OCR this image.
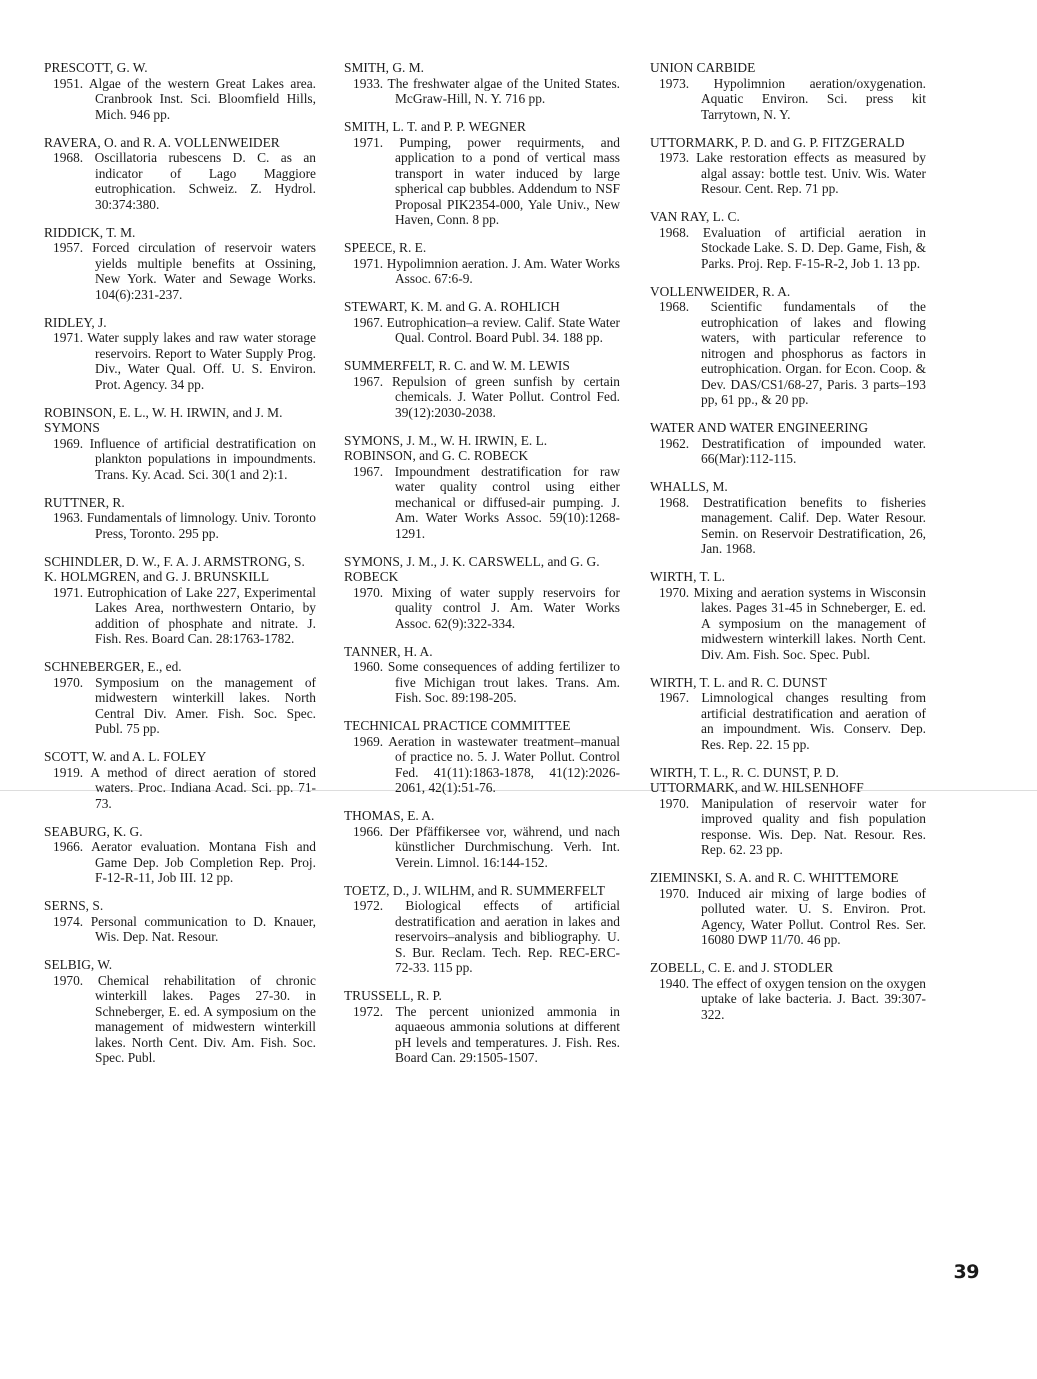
PRESCOTT, G. W.
1951. Algae of the western Great Lakes area. Cranbrook Inst. Sci. Bloomfield Hills, Mich. 946 pp.
RAVERA, O. and R. A. VOLLENWEIDER
1968. Oscillatoria rubescens D. C. as an indicator of Lago Maggiore eutrophication. Schweiz. Z. Hydrol. 30:374:380.
RIDDICK, T. M.
1957. Forced circulation of reservoir waters yields multiple benefits at Ossining, New York. Water and Sewage Works. 104(6):231-237.
RIDLEY, J.
1971. Water supply lakes and raw water storage reservoirs. Report to Water Supply Prog. Div., Water Qual. Off. U. S. Environ. Prot. Agency. 34 pp.
ROBINSON, E. L., W. H. IRWIN, and J. M. SYMONS
1969. Influence of artificial destratification on plankton populations in impoundments. Trans. Ky. Acad. Sci. 30(1 and 2):1.
RUTTNER, R.
1963. Fundamentals of limnology. Univ. Toronto Press, Toronto. 295 pp.
SCHINDLER, D. W., F. A. J. ARMSTRONG, S. K. HOLMGREN, and G. J. BRUNSKILL
1971. Eutrophication of Lake 227, Experimental Lakes Area, northwestern Ontario, by addition of phosphate and nitrate. J. Fish. Res. Board Can. 28:1763-1782.
SCHNEBERGER, E., ed.
1970. Symposium on the management of midwestern winterkill lakes. North Central Div. Amer. Fish. Soc. Spec. Publ. 75 pp.
SCOTT, W. and A. L. FOLEY
1919. A method of direct aeration of stored waters. Proc. Indiana Acad. Sci. pp. 71-73.
SEABURG, K. G.
1966. Aerator evaluation. Montana Fish and Game Dep. Job Completion Rep. Proj. F-12-R-11, Job III. 12 pp.
SERNS, S.
1974. Personal communication to D. Knauer, Wis. Dep. Nat. Resour.
SELBIG, W.
1970. Chemical rehabilitation of chronic winterkill lakes. Pages 27-30. in Schneberger, E. ed. A symposium on the management of midwestern winterkill lakes. North Cent. Div. Am. Fish. Soc. Spec. Publ.
SMITH, G. M.
1933. The freshwater algae of the United States. McGraw-Hill, N. Y. 716 pp.
SMITH, L. T. and P. P. WEGNER
1971. Pumping, power requirments, and application to a pond of vertical mass transport in water induced by large spherical cap bubbles. Addendum to NSF Proposal PIK2354-000, Yale Univ., New Haven, Conn. 8 pp.
SPEECE, R. E.
1971. Hypolimnion aeration. J. Am. Water Works Assoc. 67:6-9.
STEWART, K. M. and G. A. ROHLICH
1967. Eutrophication–a review. Calif. State Water Qual. Control. Board Publ. 34. 188 pp.
SUMMERFELT, R. C. and W. M. LEWIS
1967. Repulsion of green sunfish by certain chemicals. J. Water Pollut. Control Fed. 39(12):2030-2038.
SYMONS, J. M., W. H. IRWIN, E. L. ROBINSON, and G. C. ROBECK
1967. Impoundment destratification for raw water quality control using either mechanical or diffused-air pumping. J. Am. Water Works Assoc. 59(10):1268-1291.
SYMONS, J. M., J. K. CARSWELL, and G. G. ROBECK
1970. Mixing of water supply reservoirs for quality control J. Am. Water Works Assoc. 62(9):322-334.
TANNER, H. A.
1960. Some consequences of adding fertilizer to five Michigan trout lakes. Trans. Am. Fish. Soc. 89:198-205.
TECHNICAL PRACTICE COMMITTEE
1969. Aeration in wastewater treatment–manual of practice no. 5. J. Water Pollut. Control Fed. 41(11):1863-1878, 41(12):2026-2061, 42(1):51-76.
THOMAS, E. A.
1966. Der Pfäffikersee vor, während, und nach künstlicher Durchmischung. Verh. Int. Verein. Limnol. 16:144-152.
TOETZ, D., J. WILHM, and R. SUMMERFELT
1972. Biological effects of artificial destratification and aeration in lakes and reservoirs–analysis and bibliography. U. S. Bur. Reclam. Tech. Rep. REC-ERC-72-33. 115 pp.
TRUSSELL, R. P.
1972. The percent unionized ammonia in aquaeous ammonia solutions at different pH levels and temperatures. J. Fish. Res. Board Can. 29:1505-1507.
UNION CARBIDE
1973. Hypolimnion aeration/oxygenation. Aquatic Environ. Sci. press kit Tarrytown, N. Y.
UTTORMARK, P. D. and G. P. FITZGERALD
1973. Lake restoration effects as measured by algal assay: bottle test. Univ. Wis. Water Resour. Cent. Rep. 71 pp.
VAN RAY, L. C.
1968. Evaluation of artificial aeration in Stockade Lake. S. D. Dep. Game, Fish, & Parks. Proj. Rep. F-15-R-2, Job 1. 13 pp.
VOLLENWEIDER, R. A.
1968. Scientific fundamentals of the eutrophication of lakes and flowing waters, with particular reference to nitrogen and phosphorus as factors in eutrophication. Organ. for Econ. Coop. & Dev. DAS/CS1/68-27, Paris. 3 parts–193 pp, 61 pp., & 20 pp.
WATER AND WATER ENGINEERING
1962. Destratification of impounded water. 66(Mar):112-115.
WHALLS, M.
1968. Destratification benefits to fisheries management. Calif. Dep. Water Resour. Semin. on Reservoir Destratification, 26, Jan. 1968.
WIRTH, T. L.
1970. Mixing and aeration systems in Wisconsin lakes. Pages 31-45 in Schneberger, E. ed. A symposium on the management of midwestern winterkill lakes. North Cent. Div. Am. Fish. Soc. Spec. Publ.
WIRTH, T. L. and R. C. DUNST
1967. Limnological changes resulting from artificial destratification and aeration of an impoundment. Wis. Conserv. Dep. Res. Rep. 22. 15 pp.
WIRTH, T. L., R. C. DUNST, P. D. UTTORMARK, and W. HILSENHOFF
1970. Manipulation of reservoir water for improved quality and fish population response. Wis. Dep. Nat. Resour. Res. Rep. 62. 23 pp.
ZIEMINSKI, S. A. and R. C. WHITTEMORE
1970. Induced air mixing of large bodies of polluted water. U. S. Environ. Prot. Agency, Water Pollut. Control Res. Ser. 16080 DWP 11/70. 46 pp.
ZOBELL, C. E. and J. STODLER
1940. The effect of oxygen tension on the oxygen uptake of lake bacteria. J. Bact. 39:307-322.
39
